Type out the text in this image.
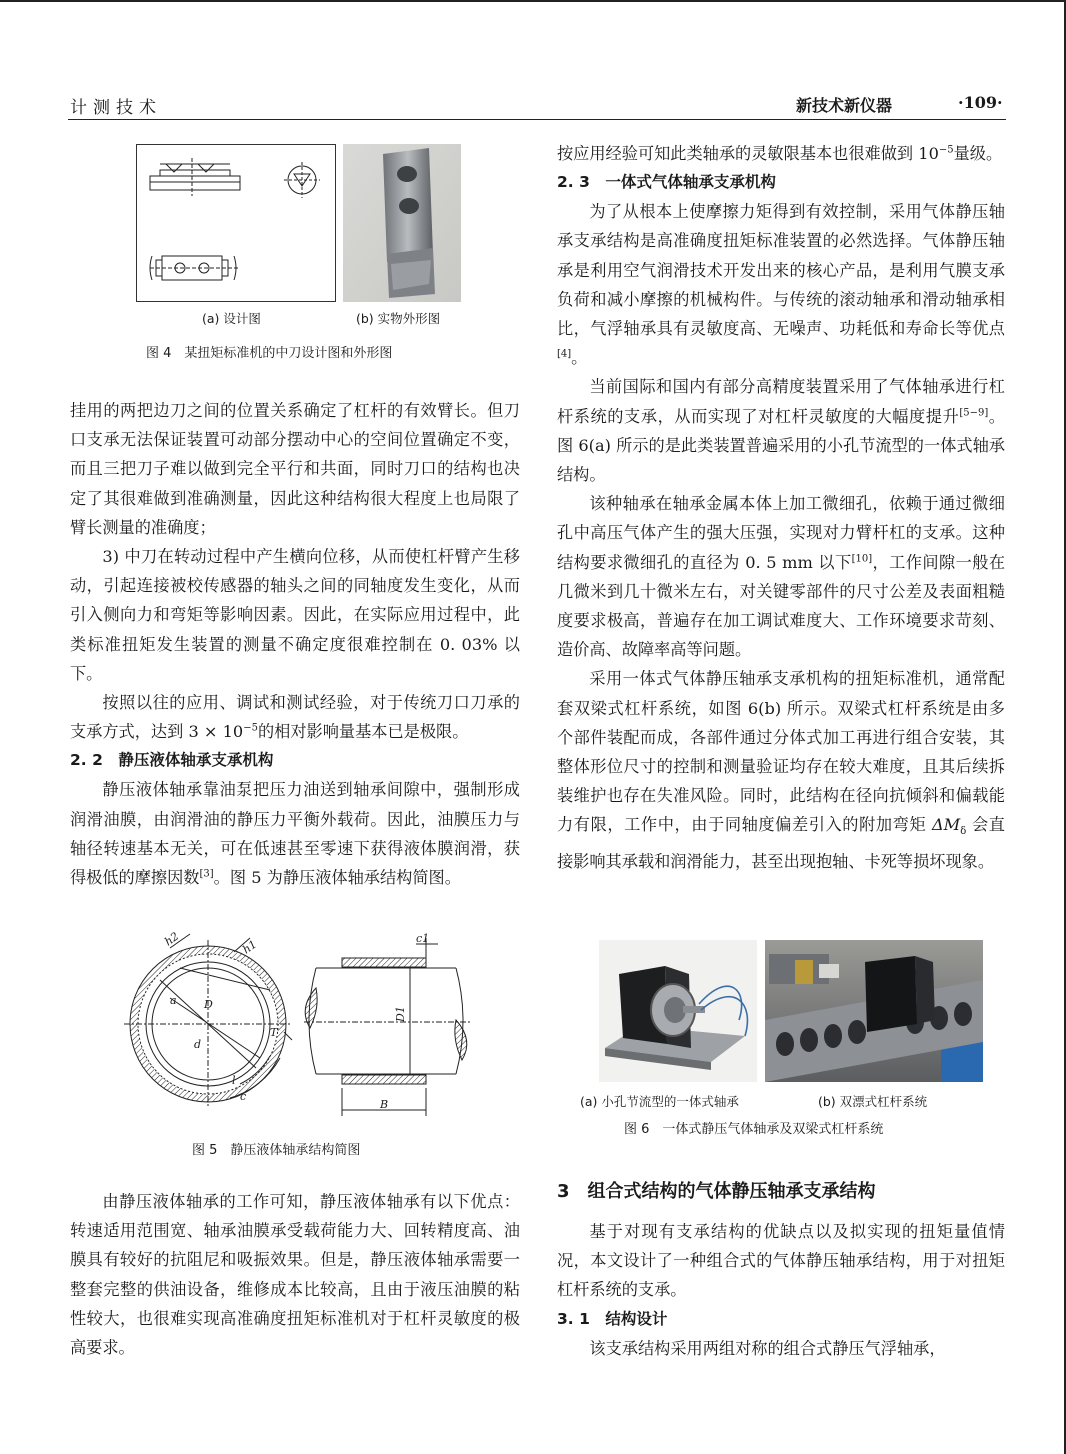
计测技术	新技术新仪器	·109·
(a) 设计图	(b) 实物外形图
图 4　某扭矩标准机的中刀设计图和外形图

挂用的两把边刀之间的位置关系确定了杠杆的有效臂长。但刀口支承无法保证装置可动部分摆动中心的空间位置确定不变，而且三把刀子难以做到完全平行和共面，同时刀口的结构也决定了其很难做到准确测量，因此这种结构很大程度上也局限了臂长测量的准确度；

3) 中刀在转动过程中产生横向位移，从而使杠杆臂产生移动，引起连接被校传感器的轴头之间的同轴度发生变化，从而引入侧向力和弯矩等影响因素。因此，在实际应用过程中，此类标准扭矩发生装置的测量不确定度很难控制在 0. 03% 以下。

按照以往的应用、调试和测试经验，对于传统刀口刀承的支承方式，达到 $3 \times 10^{-5}$的相对影响量基本已是极限。

2. 2　静压液体轴承支承机构

静压液体轴承靠油泵把压力油送到轴承间隙中，强制形成润滑油膜，由润滑油的静压力平衡外载荷。因此，油膜压力与轴径转速基本无关，可在低速甚至零速下获得液体膜润滑，获得极低的摩擦因数[3]。图 5 为静压液体轴承结构简图。

h2	h1
a D
d
T
l
c
c1
D1
B
图 5　静压液体轴承结构简图

由静压液体轴承的工作可知，静压液体轴承有以下优点：转速适用范围宽、轴承油膜承受载荷能力大、回转精度高、油膜具有较好的抗阻尼和吸振效果。但是，静压液体轴承需要一整套完整的供油设备，维修成本比较高，且由于液压油膜的粘性较大，也很难实现高准确度扭矩标准机对于杠杆灵敏度的极高要求。

按应用经验可知此类轴承的灵敏限基本也很难做到 $10^{-5}$量级。

2. 3　一体式气体轴承支承机构

为了从根本上使摩擦力矩得到有效控制，采用气体静压轴承支承结构是高准确度扭矩标准装置的必然选择。气体静压轴承是利用空气润滑技术开发出来的核心产品，是利用气膜支承负荷和减小摩擦的机械构件。与传统的滚动轴承和滑动轴承相比，气浮轴承具有灵敏度高、无噪声、功耗低和寿命长等优点[4]。

当前国际和国内有部分高精度装置采用了气体轴承进行杠杆系统的支承，从而实现了对杠杆灵敏度的大幅度提升[5−9]。图 6(a) 所示的是此类装置普遍采用的小孔节流型的一体式轴承结构。

该种轴承在轴承金属本体上加工微细孔，依赖于通过微细孔中高压气体产生的强大压强，实现对力臂杆杠的支承。这种结构要求微细孔的直径为 0. 5 mm 以下[10]，工作间隙一般在几微米到几十微米左右，对关键零部件的尺寸公差及表面粗糙度要求极高，普遍存在加工调试难度大、工作环境要求苛刻、造价高、故障率高等问题。

采用一体式气体静压轴承支承机构的扭矩标准机，通常配套双梁式杠杆系统，如图 6(b) 所示。双梁式杠杆系统是由多个部件装配而成，各部件通过分体式加工再进行组合安装，其整体形位尺寸的控制和测量验证均存在较大难度，且其后续拆装维护也存在失准风险。同时，此结构在径向抗倾斜和偏载能力有限，工作中，由于同轴度偏差引入的附加弯矩 $\Delta M_\delta$ 会直接影响其承载和润滑能力，甚至出现抱轴、卡死等损坏现象。

(a) 小孔节流型的一体式轴承	(b) 双漂式杠杆系统
图 6　一体式静压气体轴承及双梁式杠杆系统
3　组合式结构的气体静压轴承支承结构

基于对现有支承结构的优缺点以及拟实现的扭矩量值情况，本文设计了一种组合式的气体静压轴承结构，用于对扭矩杠杆系统的支承。

3. 1　结构设计

该支承结构采用两组对称的组合式静压气浮轴承，
